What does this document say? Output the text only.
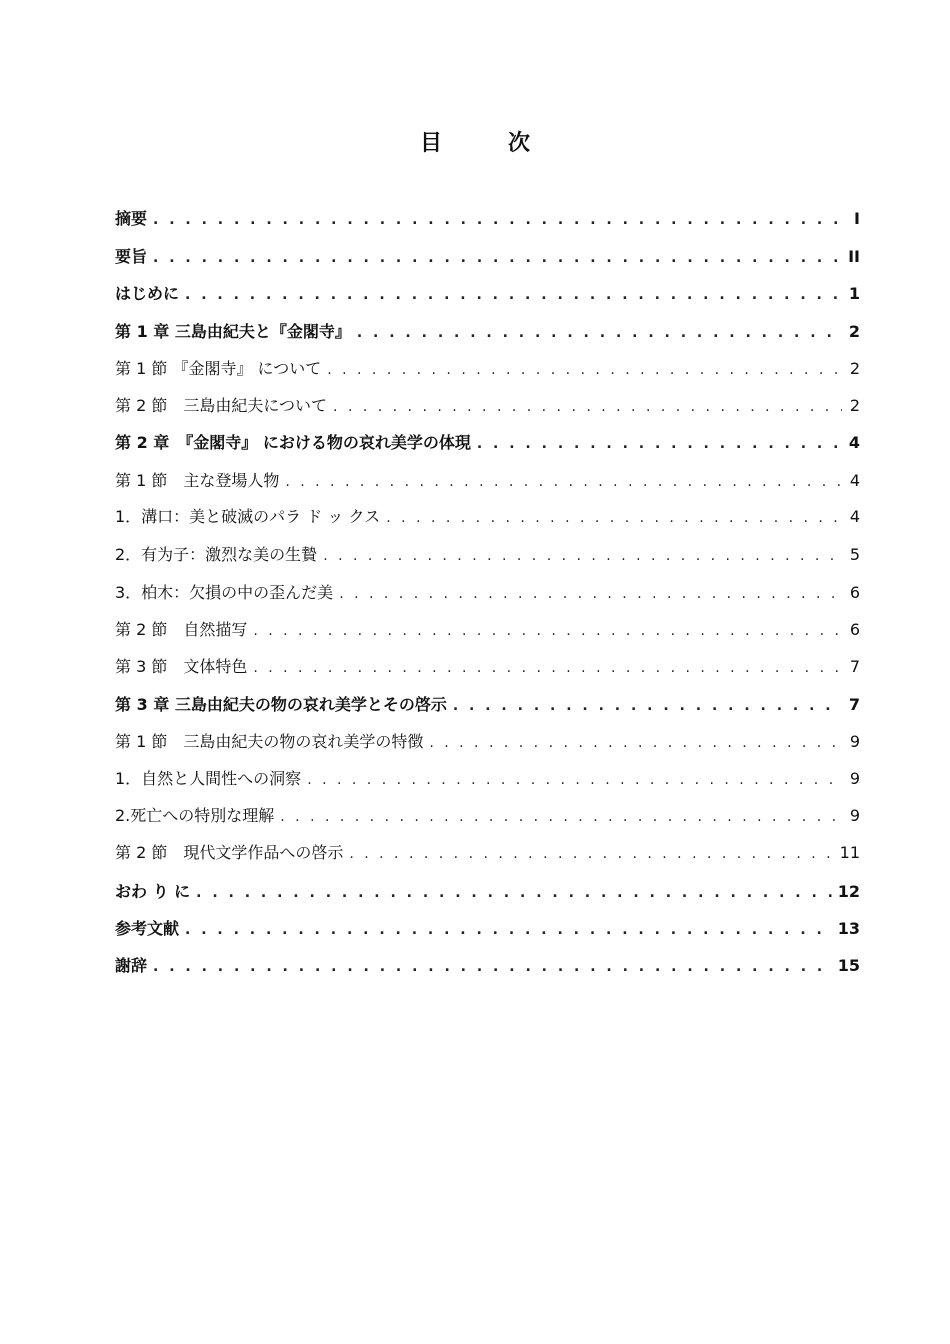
目　次
摘要 . . .	I
要旨 . . .	II
はじめに . . .	1
第 1 章 三島由紀夫と『金閣寺』 . . .	2
第 1 節 『金閣寺』 について . . .	2
第 2 節　三島由紀夫について . . .	2
第 2 章　『金閣寺』 における物の哀れ美学の体現 . . .	4
第 1 節　主な登場人物 . . .	4
1．溝口：美と破滅のパラ ド ッ クス . . .	4
2．有为子：激烈な美の生贄 . . .	5
3．柏木：欠損の中の歪んだ美 . . .	6
第 2 節　自然描写 . . .	6
第 3 節　文体特色 . . .	7
第 3 章 三島由紀夫の物の哀れ美学とその啓示 . . .	7
第 1 節　三島由紀夫の物の哀れ美学の特徴 . . .	9
1．自然と人間性への洞察 . . .	9
2.死亡への特別な理解 . . .	9
第 2 節　現代文学作品への啓示 . . .	11
おわ り に . . .	12
参考文献 . . .	13
謝辞 . . .	15
